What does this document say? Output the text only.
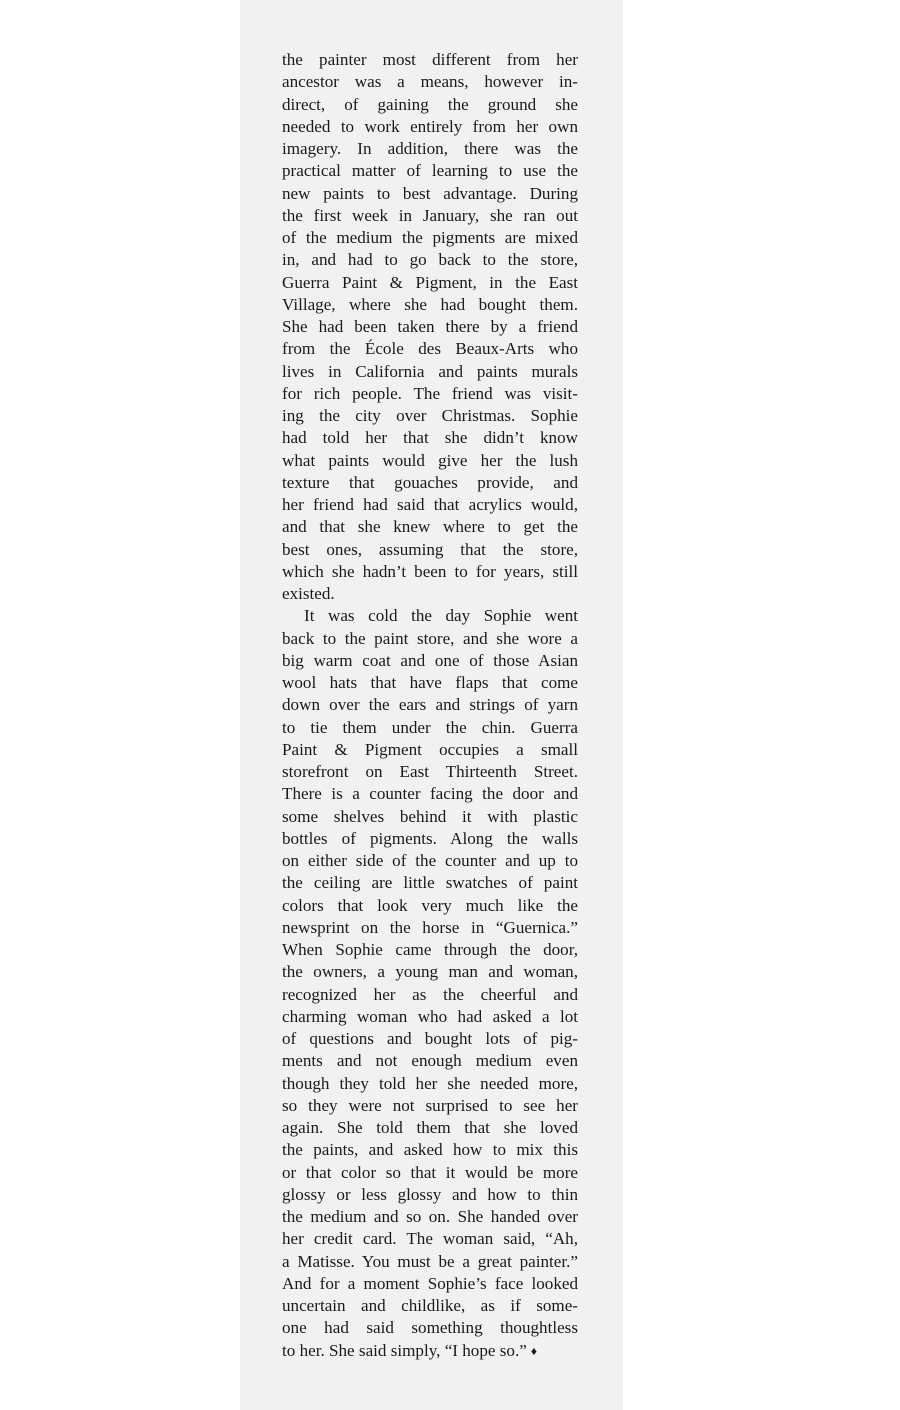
the painter most different from her
ancestor was a means, however in-
direct, of gaining the ground she
needed to work entirely from her own
imagery. In addition, there was the
practical matter of learning to use the
new paints to best advantage. During
the first week in January, she ran out
of the medium the pigments are mixed
in, and had to go back to the store,
Guerra Paint & Pigment, in the East
Village, where she had bought them.
She had been taken there by a friend
from the École des Beaux-Arts who
lives in California and paints murals
for rich people. The friend was visit-
ing the city over Christmas. Sophie
had told her that she didn’t know
what paints would give her the lush
texture that gouaches provide, and
her friend had said that acrylics would,
and that she knew where to get the
best ones, assuming that the store,
which she hadn’t been to for years, still
existed.
It was cold the day Sophie went
back to the paint store, and she wore a
big warm coat and one of those Asian
wool hats that have flaps that come
down over the ears and strings of yarn
to tie them under the chin. Guerra
Paint & Pigment occupies a small
storefront on East Thirteenth Street.
There is a counter facing the door and
some shelves behind it with plastic
bottles of pigments. Along the walls
on either side of the counter and up to
the ceiling are little swatches of paint
colors that look very much like the
newsprint on the horse in “Guernica.”
When Sophie came through the door,
the owners, a young man and woman,
recognized her as the cheerful and
charming woman who had asked a lot
of questions and bought lots of pig-
ments and not enough medium even
though they told her she needed more,
so they were not surprised to see her
again. She told them that she loved
the paints, and asked how to mix this
or that color so that it would be more
glossy or less glossy and how to thin
the medium and so on. She handed over
her credit card. The woman said, “Ah,
a Matisse. You must be a great painter.”
And for a moment Sophie’s face looked
uncertain and childlike, as if some-
one had said something thoughtless
to her. She said simply, “I hope so.” ♦
